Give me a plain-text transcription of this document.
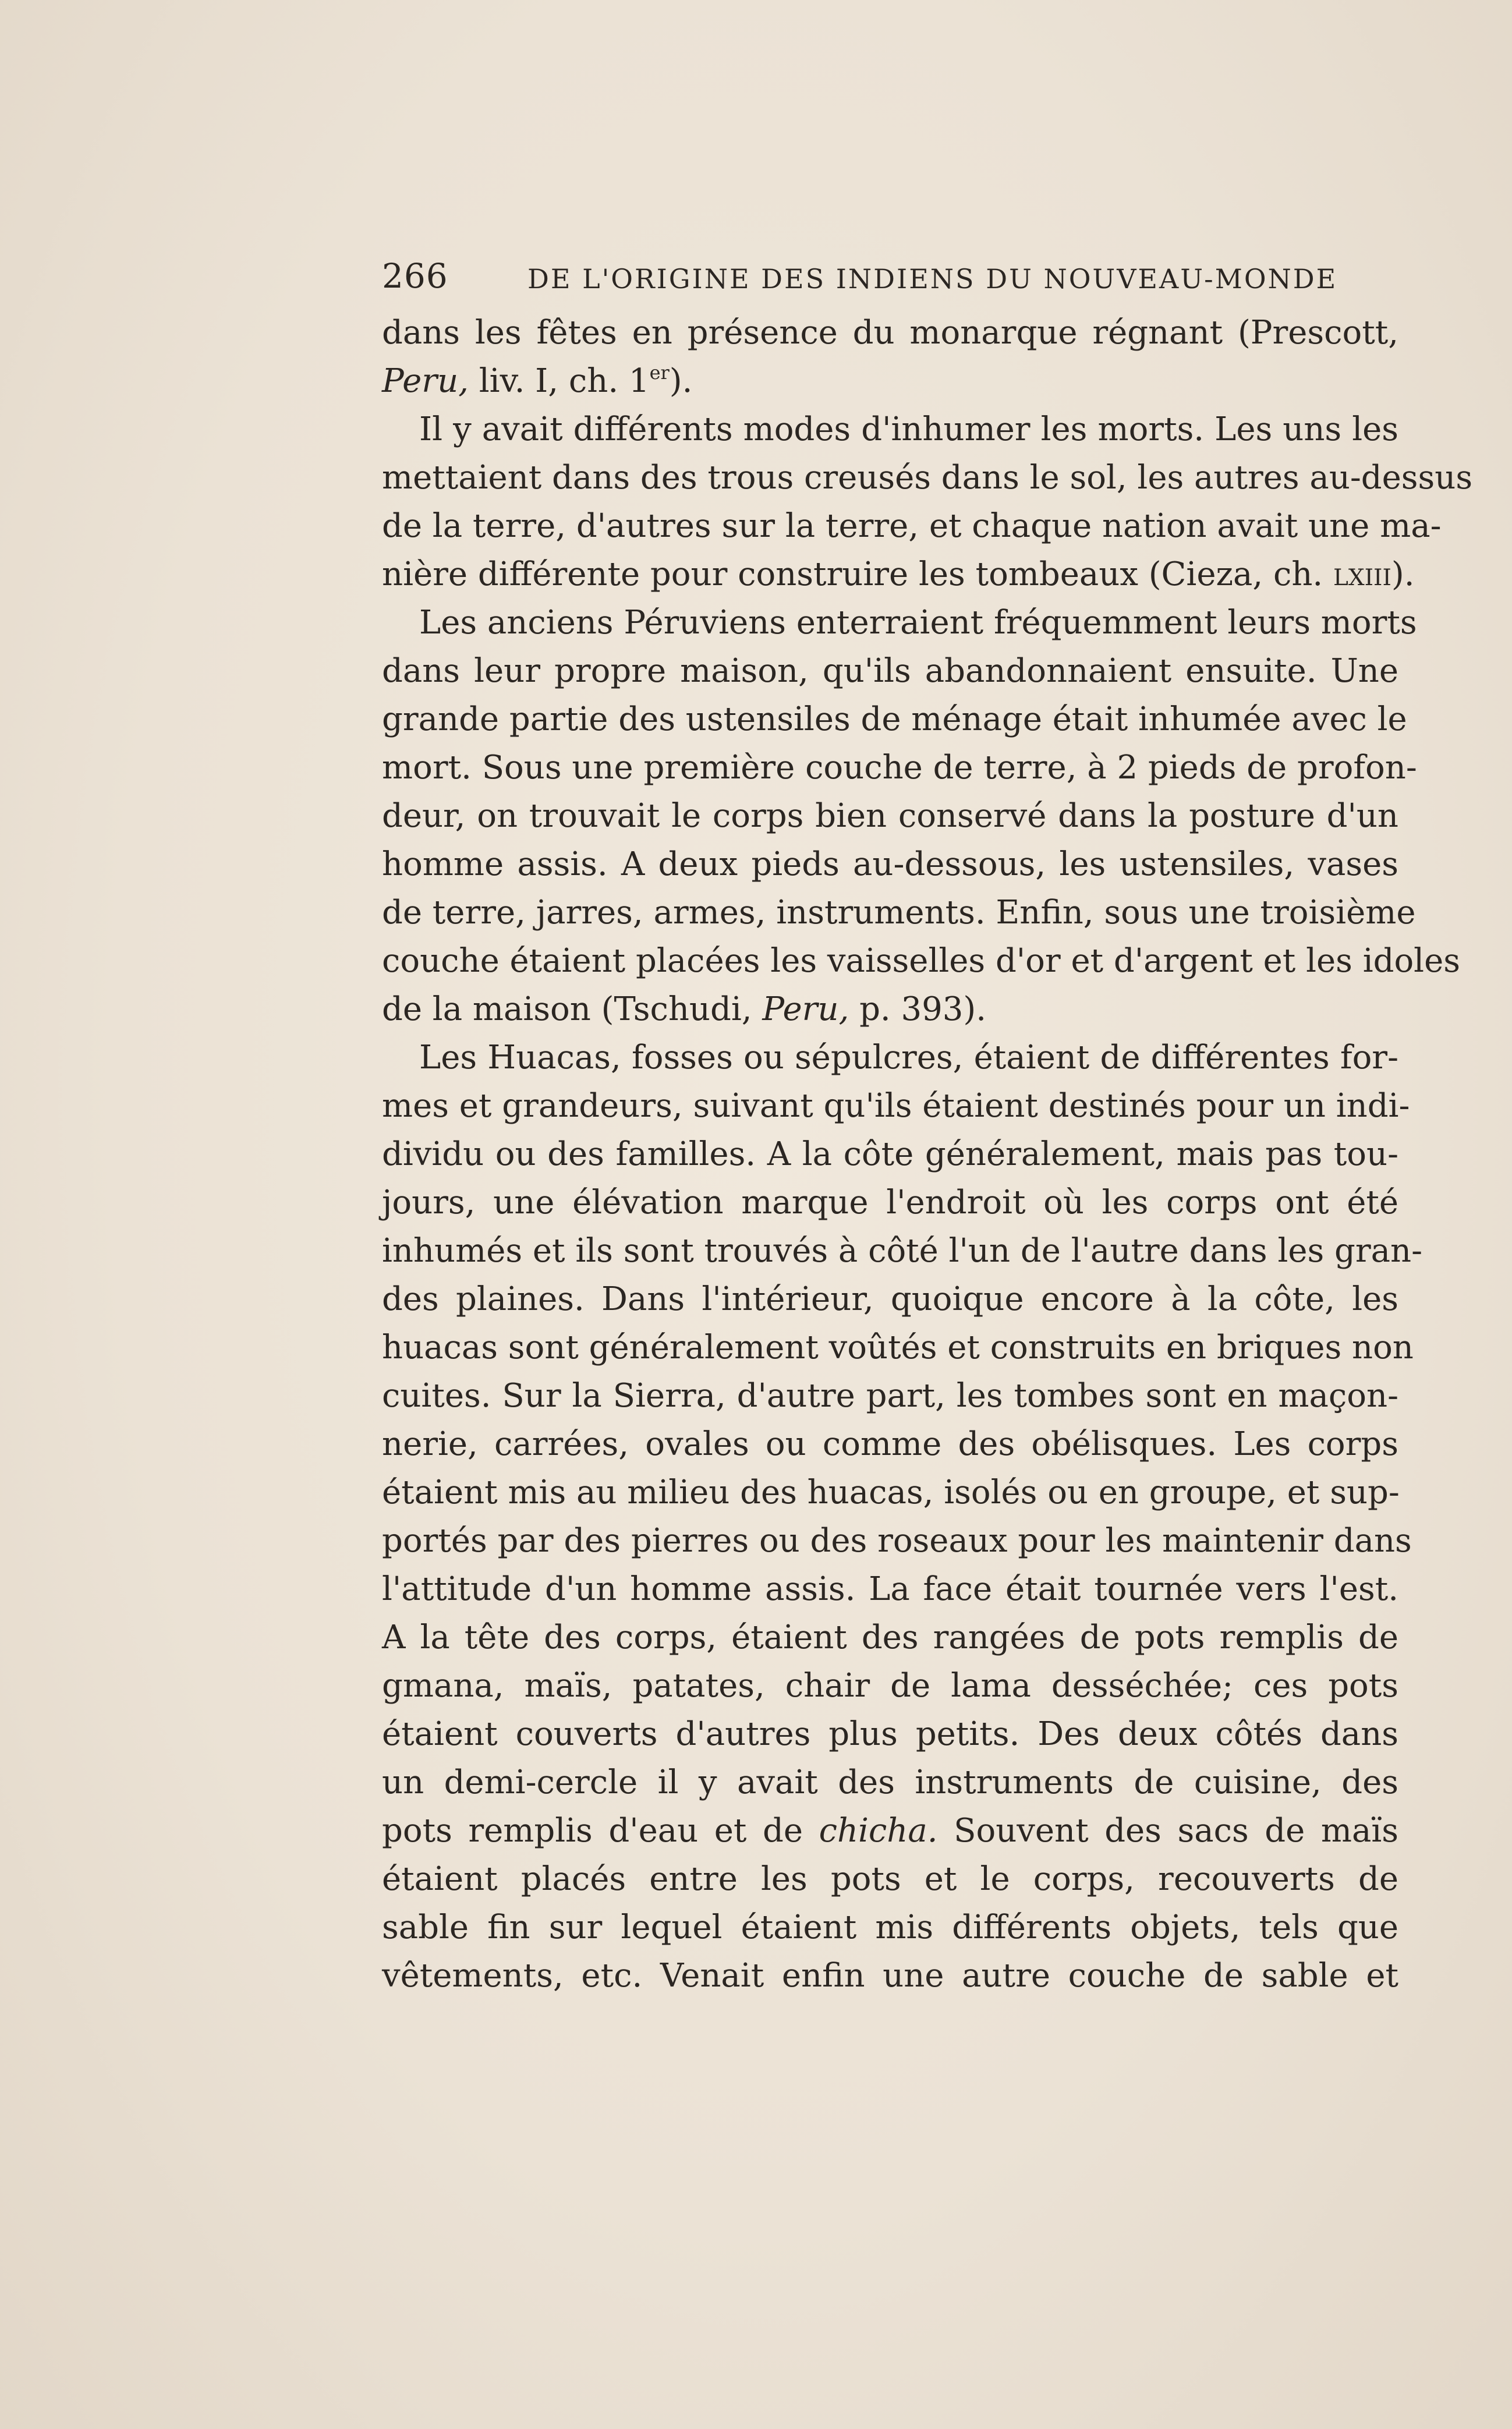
266	DE L'ORIGINE DES INDIENS DU NOUVEAU-MONDE
dans les fêtes en présence du monarque régnant (Prescott,
Peru, liv. I, ch. 1er).
Il y avait différents modes d'inhumer les morts. Les uns les
mettaient dans des trous creusés dans le sol, les autres au-dessus
de la terre, d'autres sur la terre, et chaque nation avait une ma-
nière différente pour construire les tombeaux (Cieza, ch. lxiii).
Les anciens Péruviens enterraient fréquemment leurs morts
dans leur propre maison, qu'ils abandonnaient ensuite. Une
grande partie des ustensiles de ménage était inhumée avec le
mort. Sous une première couche de terre, à 2 pieds de profon-
deur, on trouvait le corps bien conservé dans la posture d'un
homme assis. A deux pieds au-dessous, les ustensiles, vases
de terre, jarres, armes, instruments. Enfin, sous une troisième
couche étaient placées les vaisselles d'or et d'argent et les idoles
de la maison (Tschudi, Peru, p. 393).
Les Huacas, fosses ou sépulcres, étaient de différentes for-
mes et grandeurs, suivant qu'ils étaient destinés pour un indi-
dividu ou des familles. A la côte généralement, mais pas tou-
jours, une élévation marque l'endroit où les corps ont été
inhumés et ils sont trouvés à côté l'un de l'autre dans les gran-
des plaines. Dans l'intérieur, quoique encore à la côte, les
huacas sont généralement voûtés et construits en briques non
cuites. Sur la Sierra, d'autre part, les tombes sont en maçon-
nerie, carrées, ovales ou comme des obélisques. Les corps
étaient mis au milieu des huacas, isolés ou en groupe, et sup-
portés par des pierres ou des roseaux pour les maintenir dans
l'attitude d'un homme assis. La face était tournée vers l'est.
A la tête des corps, étaient des rangées de pots remplis de
gmana, maïs, patates, chair de lama desséchée; ces pots
étaient couverts d'autres plus petits. Des deux côtés dans
un demi-cercle il y avait des instruments de cuisine, des
pots remplis d'eau et de chicha. Souvent des sacs de maïs
étaient placés entre les pots et le corps, recouverts de
sable fin sur lequel étaient mis différents objets, tels que
vêtements, etc. Venait enfin une autre couche de sable et
